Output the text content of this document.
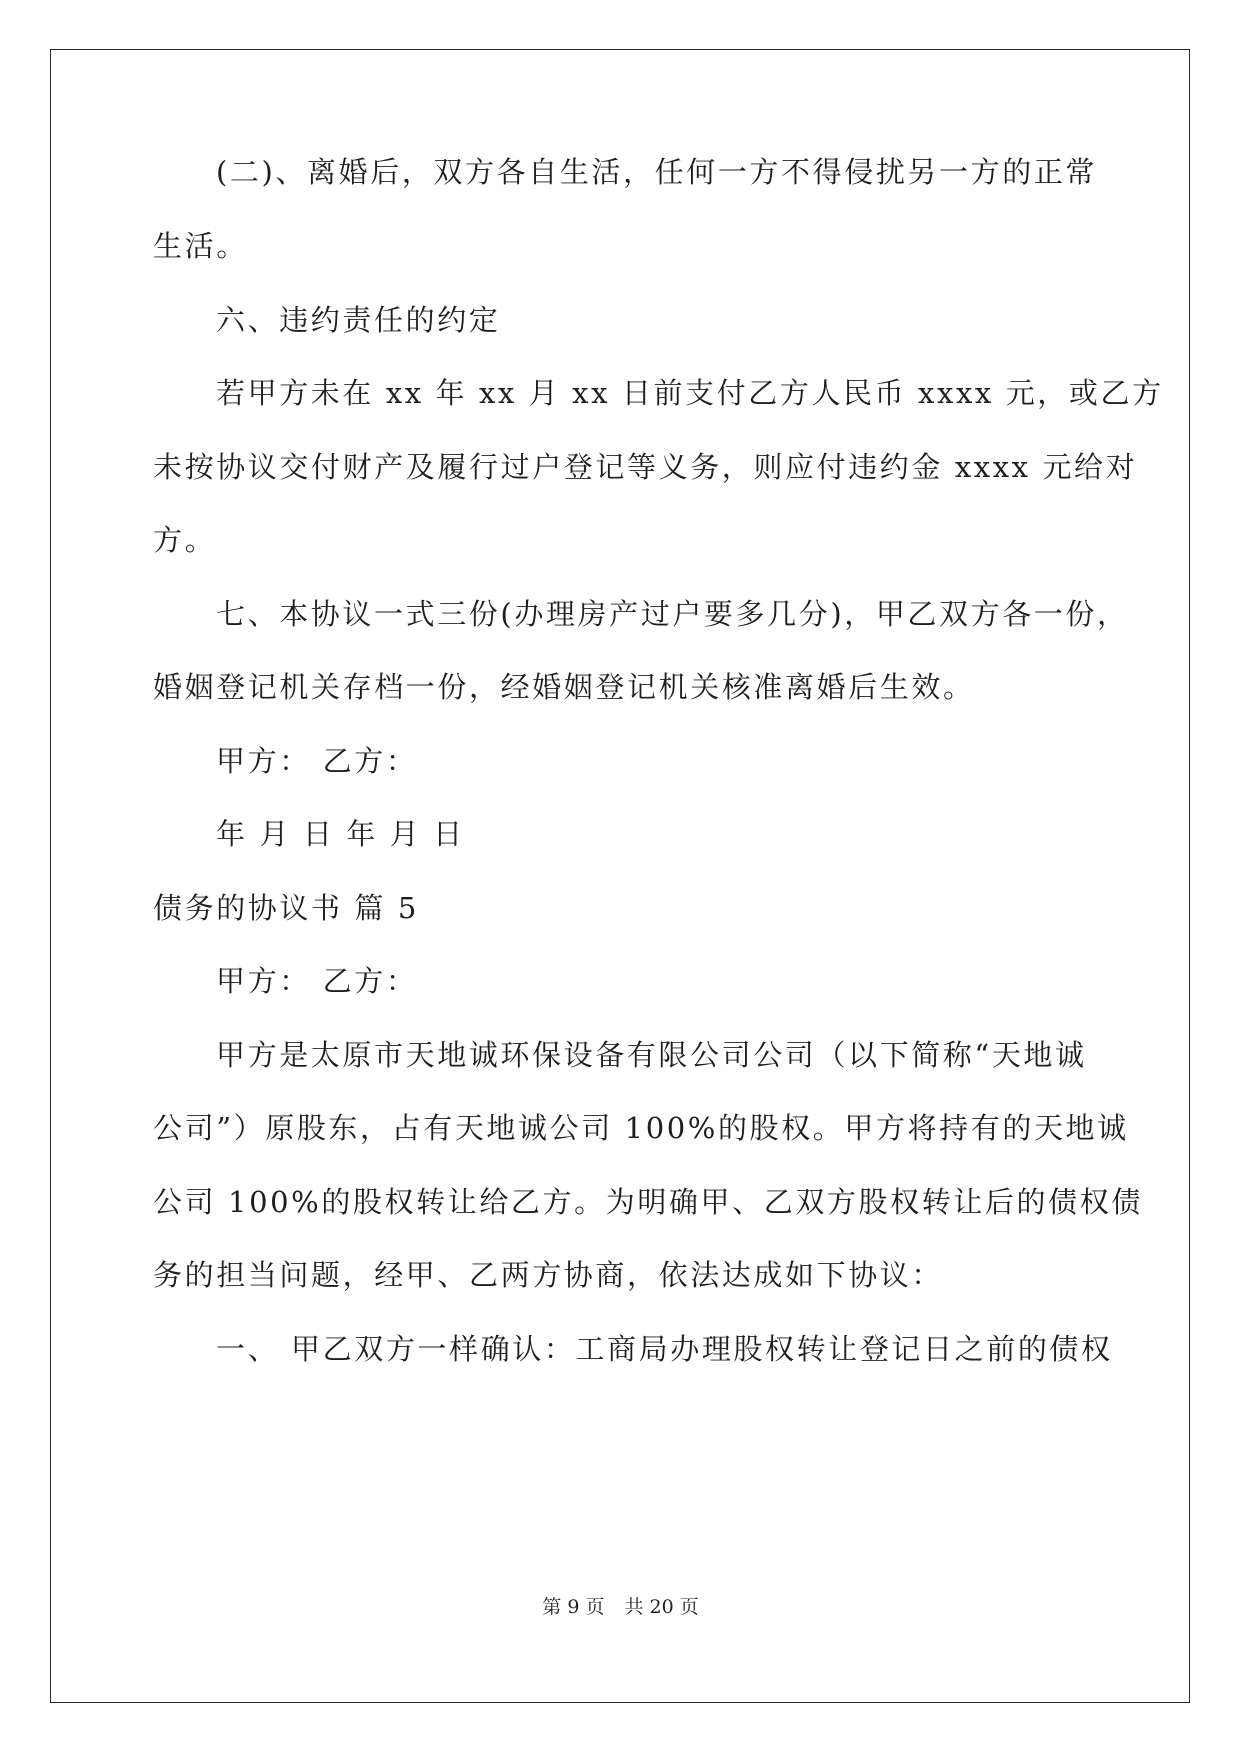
(二)、离婚后，双方各自生活，任何一方不得侵扰另一方的正常

生活。

六、违约责任的约定

若甲方未在 xx 年 xx 月 xx 日前支付乙方人民币 xxxx 元，或乙方

未按协议交付财产及履行过户登记等义务，则应付违约金 xxxx 元给对

方。

七、本协议一式三份(办理房产过户要多几分)，甲乙双方各一份，

婚姻登记机关存档一份，经婚姻登记机关核准离婚后生效。

甲方： 乙方：

年 月 日 年 月 日

债务的协议书 篇 5

甲方： 乙方：

甲方是太原市天地诚环保设备有限公司公司（以下简称“天地诚

公司”）原股东，占有天地诚公司 100%的股权。甲方将持有的天地诚

公司 100%的股权转让给乙方。为明确甲、乙双方股权转让后的债权债

务的担当问题，经甲、乙两方协商，依法达成如下协议：

一、 甲乙双方一样确认：工商局办理股权转让登记日之前的债权

第 9 页 共 20 页
